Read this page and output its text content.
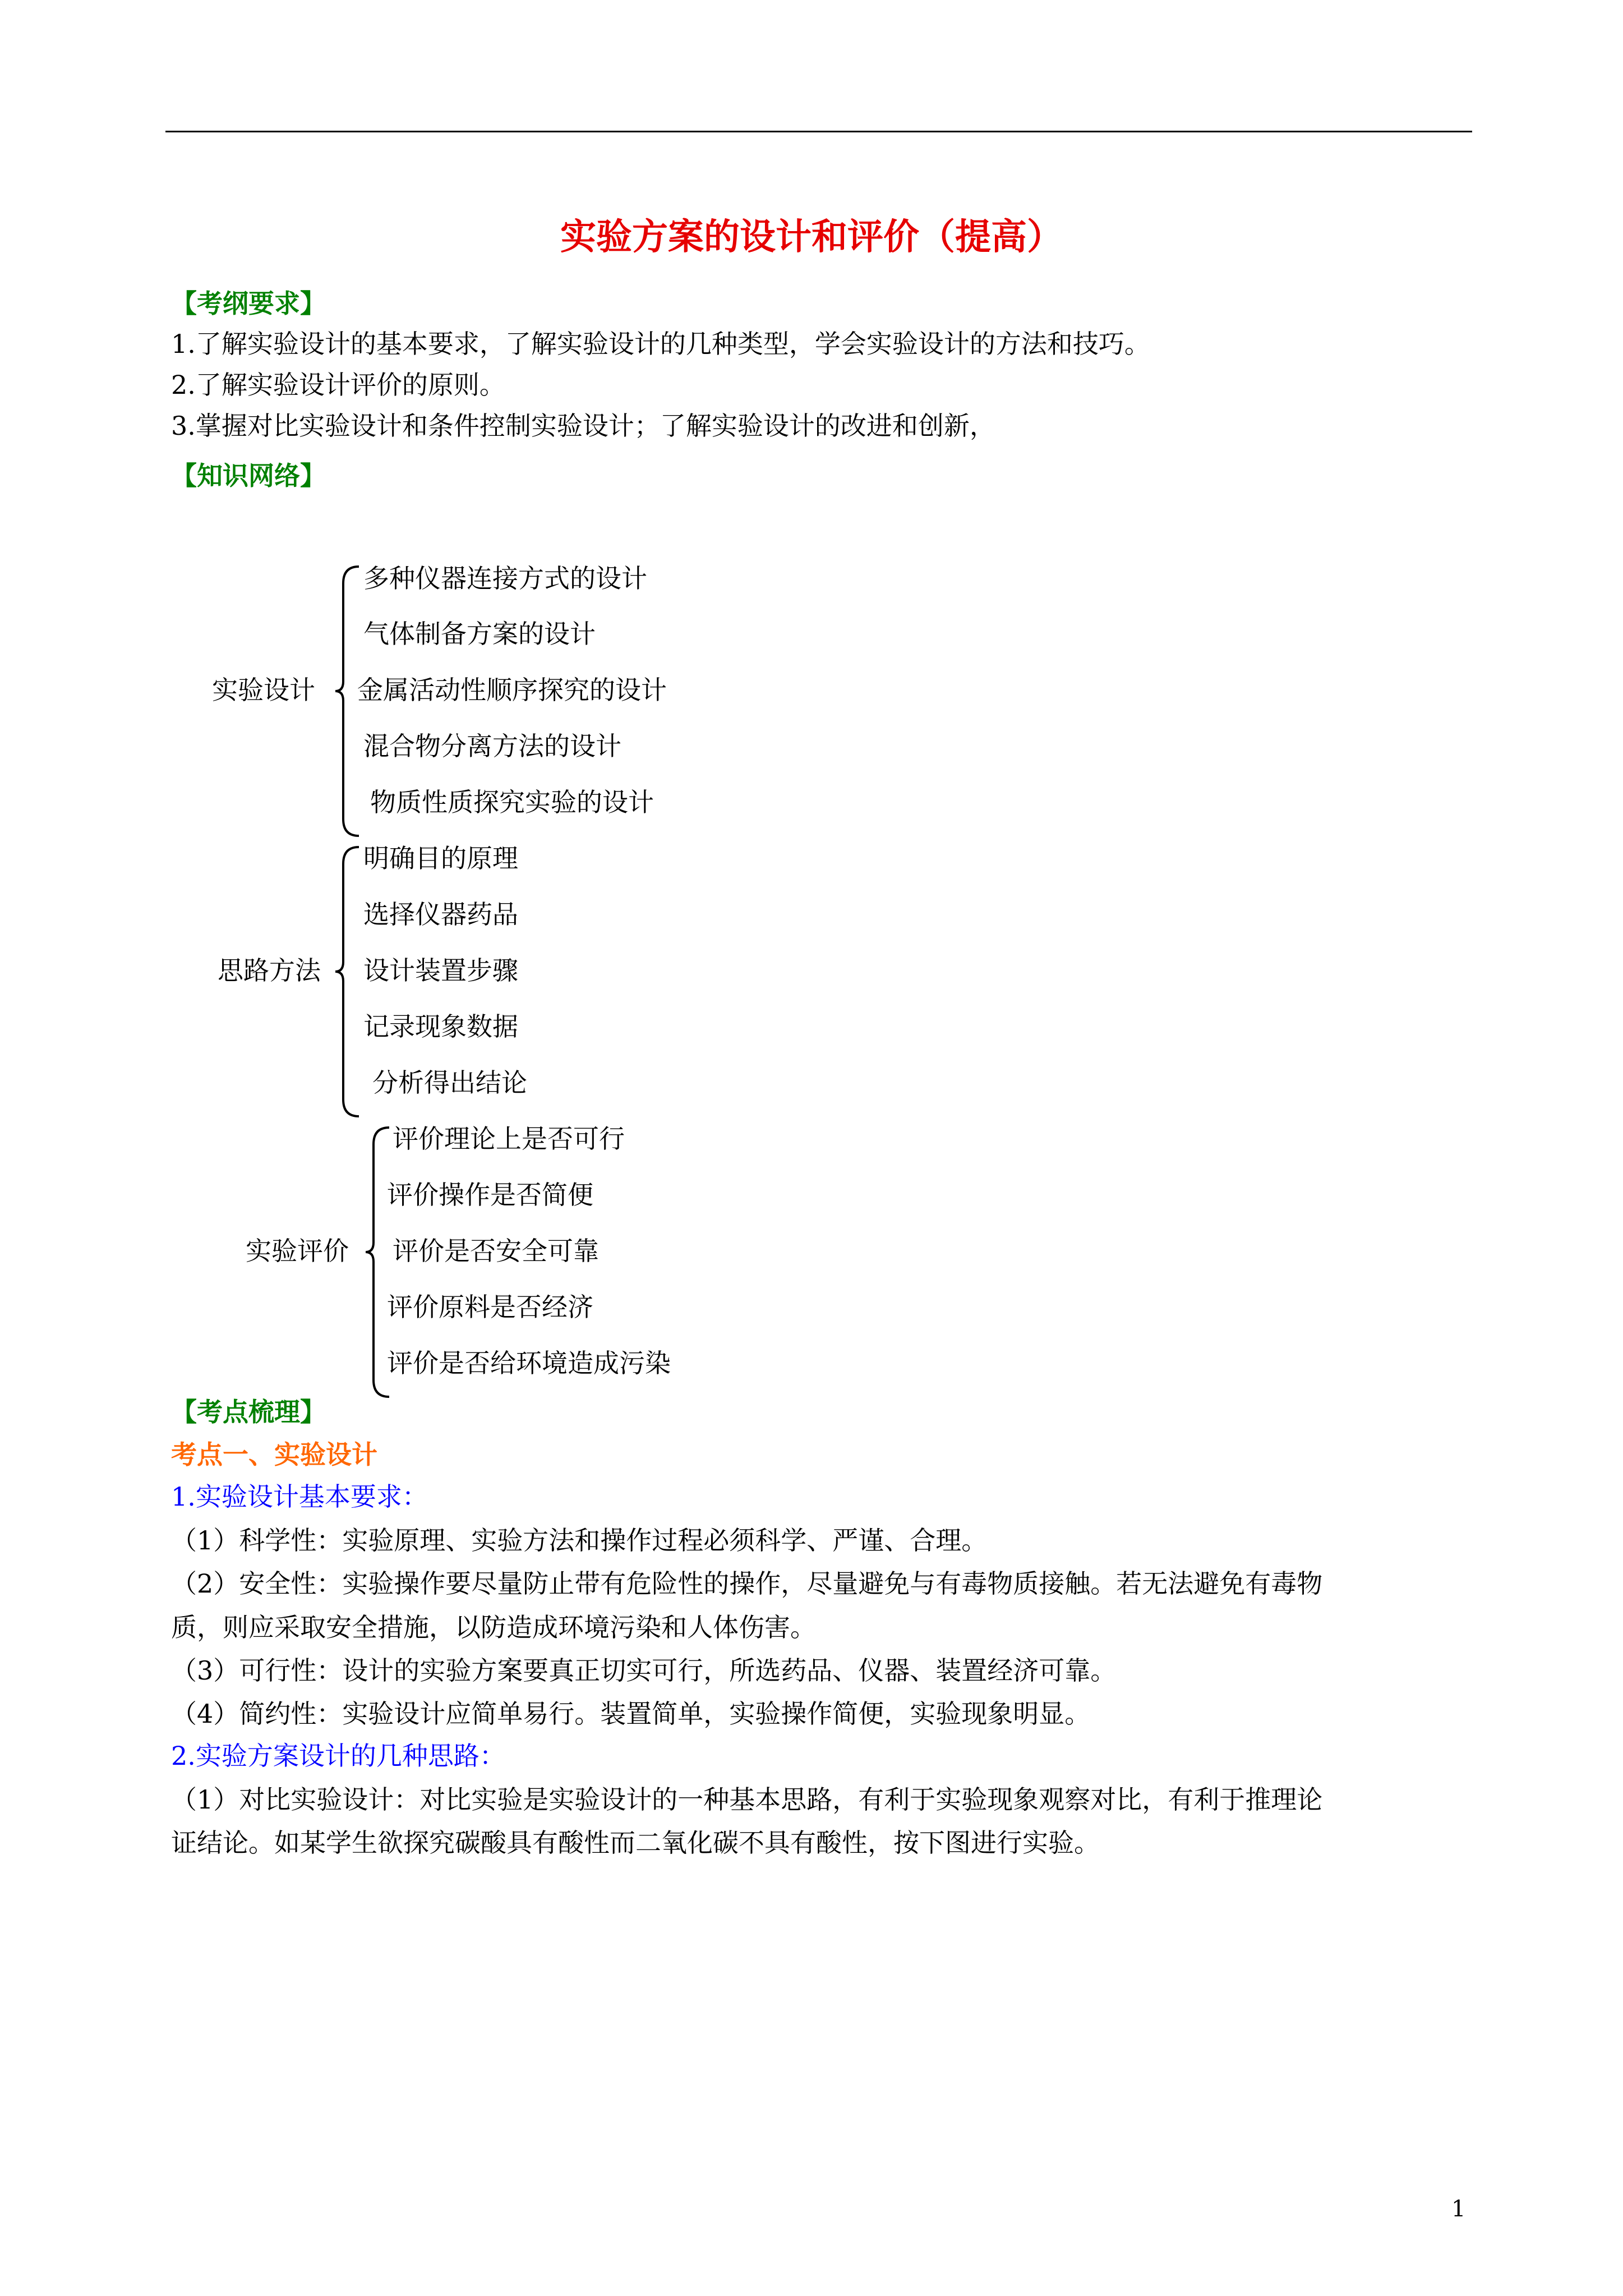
实验方案的设计和评价（提高）
【考纲要求】
1.了解实验设计的基本要求，了解实验设计的几种类型，学会实验设计的方法和技巧。
2.了解实验设计评价的原则。
3.掌握对比实验设计和条件控制实验设计；了解实验设计的改进和创新，
【知识网络】
实验设计
多种仪器连接方式的设计
气体制备方案的设计
金属活动性顺序探究的设计
混合物分离方法的设计
物质性质探究实验的设计
思路方法
明确目的原理
选择仪器药品
设计装置步骤
记录现象数据
分析得出结论
实验评价
评价理论上是否可行
评价操作是否简便
评价是否安全可靠
评价原料是否经济
评价是否给环境造成污染
【考点梳理】
考点一、实验设计
1.实验设计基本要求：
（1）科学性：实验原理、实验方法和操作过程必须科学、严谨、合理。
（2）安全性：实验操作要尽量防止带有危险性的操作，尽量避免与有毒物质接触。若无法避免有毒物
质，则应采取安全措施，以防造成环境污染和人体伤害。
（3）可行性：设计的实验方案要真正切实可行，所选药品、仪器、装置经济可靠。
（4）简约性：实验设计应简单易行。装置简单，实验操作简便，实验现象明显。
2.实验方案设计的几种思路：
（1）对比实验设计：对比实验是实验设计的一种基本思路，有利于实验现象观察对比，有利于推理论
证结论。如某学生欲探究碳酸具有酸性而二氧化碳不具有酸性，按下图进行实验。
1
